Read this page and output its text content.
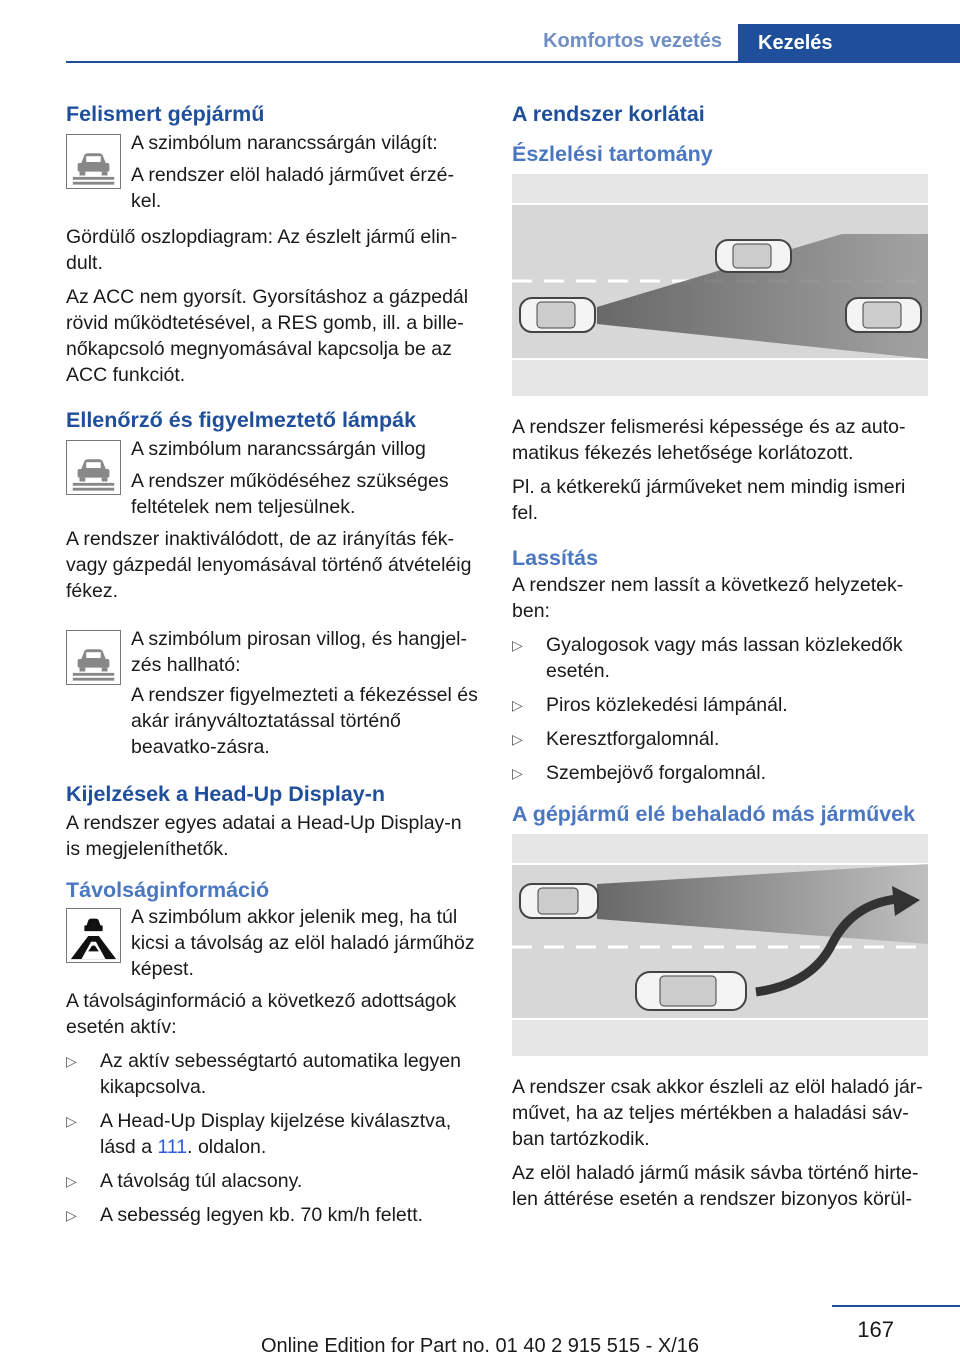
Komfortos vezetés	Kezelés
Felismert gépjármű

A szimbólum narancssárgán világít:

A rendszer elöl haladó járművet érzé-kel.

Gördülő oszlopdiagram: Az észlelt jármű elin-dult.

Az ACC nem gyorsít. Gyorsításhoz a gázpedál rövid működtetésével, a RES gomb, ill. a bille-nőkapcsoló megnyomásával kapcsolja be az ACC funkciót.

Ellenőrző és figyelmeztető lámpák

A szimbólum narancssárgán villog

A rendszer működéséhez szükséges feltételek nem teljesülnek.

A rendszer inaktiválódott, de az irányítás fék-vagy gázpedál lenyomásával történő átvételéig fékez.

A szimbólum pirosan villog, és hangjel-zés hallható:

A rendszer figyelmezteti a fékezéssel és akár irányváltoztatással történő beavatko-zásra.

Kijelzések a Head-Up Display-n

A rendszer egyes adatai a Head-Up Display-n is megjeleníthetők.

Távolságinformáció

A szimbólum akkor jelenik meg, ha túl kicsi a távolság az elöl haladó járműhöz képest.

A távolságinformáció a következő adottságok esetén aktív:

▷ Az aktív sebességtartó automatika legyen kikapcsolva.
▷ A Head-Up Display kijelzése kiválasztva, lásd a 111. oldalon.
▷ A távolság túl alacsony.
▷ A sebesség legyen kb. 70 km/h felett.
A rendszer korlátai
Észlelési tartomány

A rendszer felismerési képessége és az auto-matikus fékezés lehetősége korlátozott.

Pl. a kétkerekű járműveket nem mindig ismeri fel.

Lassítás

A rendszer nem lassít a következő helyzetek-ben:

▷ Gyalogosok vagy más lassan közlekedők esetén.
▷ Piros közlekedési lámpánál.
▷ Keresztforgalomnál.
▷ Szembejövő forgalomnál.
A gépjármű elé behaladó más járművek

A rendszer csak akkor észleli az elöl haladó jár-művet, ha az teljes mértékben a haladási sáv-ban tartózkodik.

Az elöl haladó jármű másik sávba történő hirte-len áttérése esetén a rendszer bizonyos körül-

167
Online Edition for Part no. 01 40 2 915 515 - X/16
